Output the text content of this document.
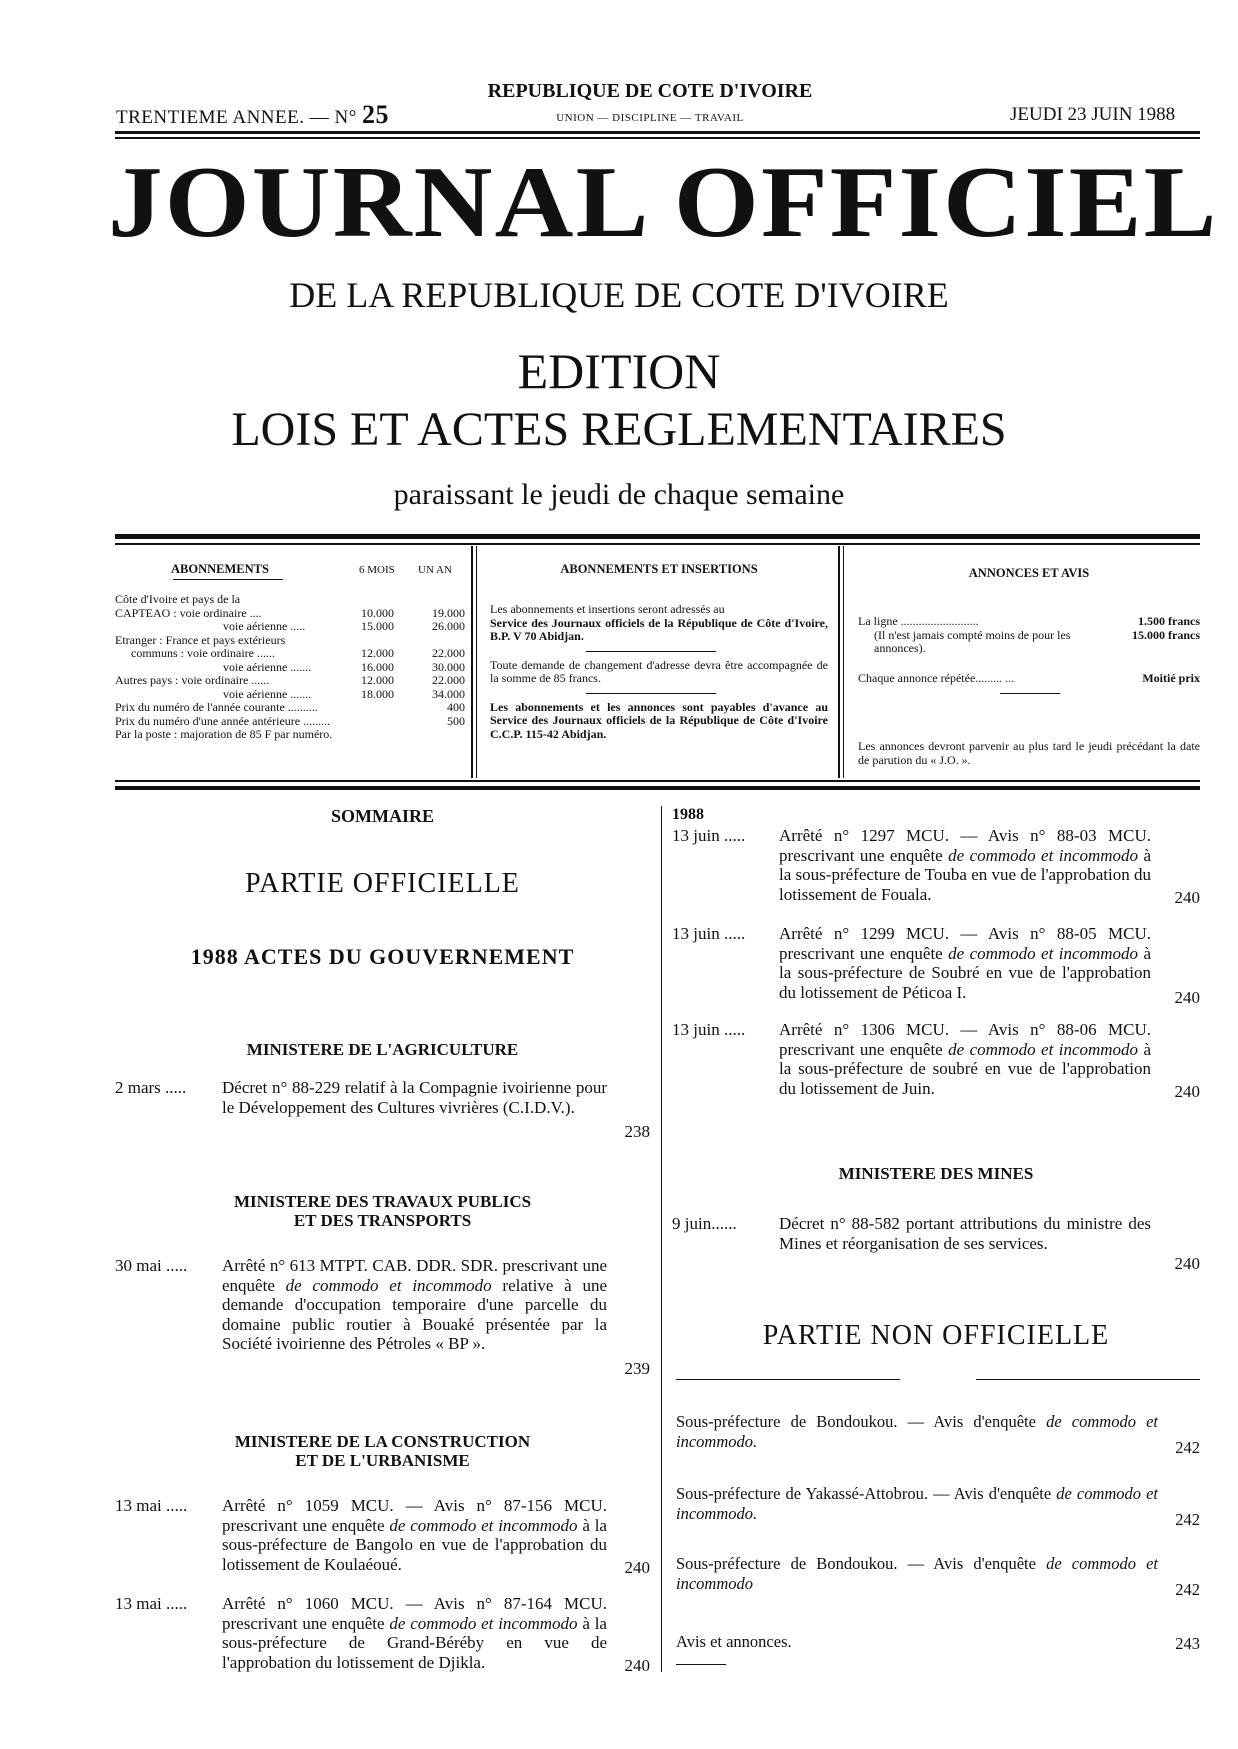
TRENTIEME ANNEE. — N° 25
REPUBLIQUE DE COTE D'IVOIRE
UNION — DISCIPLINE — TRAVAIL	JEUDI 23 JUIN 1988
JOURNAL OFFICIEL
DE LA REPUBLIQUE DE COTE D'IVOIRE
EDITION
LOIS ET ACTES REGLEMENTAIRES
paraissant le jeudi de chaque semaine
ABONNEMENTS	6 MOIS UN AN
Côte d'Ivoire et pays de la
CAPTEAO : voie ordinaire ....	10.000	19.000
voie aérienne .....	15.000	26.000
Etranger : France et pays extérieurs
communs : voie ordinaire ......	12.000	22.000
voie aérienne .......	16.000	30.000
Autres pays : voie ordinaire ......	12.000	22.000
voie aérienne .......	18.000	34.000
Prix du numéro de l'année courante ..........	400
Prix du numéro d'une année antérieure .........	500
Par la poste : majoration de 85 F par numéro.
ABONNEMENTS ET INSERTIONS
Les abonnements et insertions seront adressés au
Service des Journaux officiels de la République de Côte d'Ivoire, B.P. V 70 Abidjan.
Toute demande de changement d'adresse devra être accompagnée de la somme de 85 francs.
Les abonnements et les annonces sont payables d'avance au Service des Journaux officiels de la République de Côte d'Ivoire C.C.P. 115-42 Abidjan.
ANNONCES ET AVIS
La ligne ..........................	1.500 francs
(Il n'est jamais compté moins de pour les annonces).
15.000 francs
Chaque annonce répétée......... ...	Moitié prix
Les annonces devront parvenir au plus tard le jeudi précédant la date de parution du « J.O. ».
SOMMAIRE
PARTIE OFFICIELLE
1988 ACTES DU GOUVERNEMENT
MINISTERE DE L'AGRICULTURE
2 mars ..... Décret n° 88-229 relatif à la Compagnie ivoirienne pour le Développement des Cultures vivrières (C.I.D.V.).
238
MINISTERE DES TRAVAUX PUBLICS
ET DES TRANSPORTS
30 mai ..... Arrêté n° 613 MTPT. CAB. DDR. SDR. prescrivant une enquête de commodo et incommodo relative à une demande d'occupation temporaire d'une parcelle du domaine public routier à Bouaké présentée par la Société ivoirienne des Pétroles « BP ».
239
MINISTERE DE LA CONSTRUCTION
ET DE L'URBANISME
13 mai ..... Arrêté n° 1059 MCU. — Avis n° 87-156 MCU. prescrivant une enquête de commodo et incommodo à la sous-préfecture de Bangolo en vue de l'approbation du lotissement de Koulaéoué.	240
13 mai ..... Arrêté n° 1060 MCU. — Avis n° 87-164 MCU. prescrivant une enquête de commodo et incommodo à la sous-préfecture de Grand-Béréby en vue de l'approbation du lotissement de Djikla.	240
1988
13 juin ..... Arrêté n° 1297 MCU. — Avis n° 88-03 MCU. prescrivant une enquête de commodo et incommodo à la sous-préfecture de Touba en vue de l'approbation du lotissement de Fouala.	240
13 juin ..... Arrêté n° 1299 MCU. — Avis n° 88-05 MCU. prescrivant une enquête de commodo et incommodo à la sous-préfecture de Soubré en vue de l'approbation du lotissement de Péticoa I.	240
13 juin ..... Arrêté n° 1306 MCU. — Avis n° 88-06 MCU. prescrivant une enquête de commodo et incommodo à la sous-préfecture de soubré en vue de l'approbation du lotissement de Juin.	240
MINISTERE DES MINES
9 juin...... Décret n° 88-582 portant attributions du ministre des Mines et réorganisation de ses services.
240
PARTIE NON OFFICIELLE
Sous-préfecture de Bondoukou. — Avis d'enquête de commodo et incommodo.	242
Sous-préfecture de Yakassé-Attobrou. — Avis d'enquête de commodo et incommodo.	242
Sous-préfecture de Bondoukou. — Avis d'enquête de commodo et incommodo	242
Avis et annonces.	243
